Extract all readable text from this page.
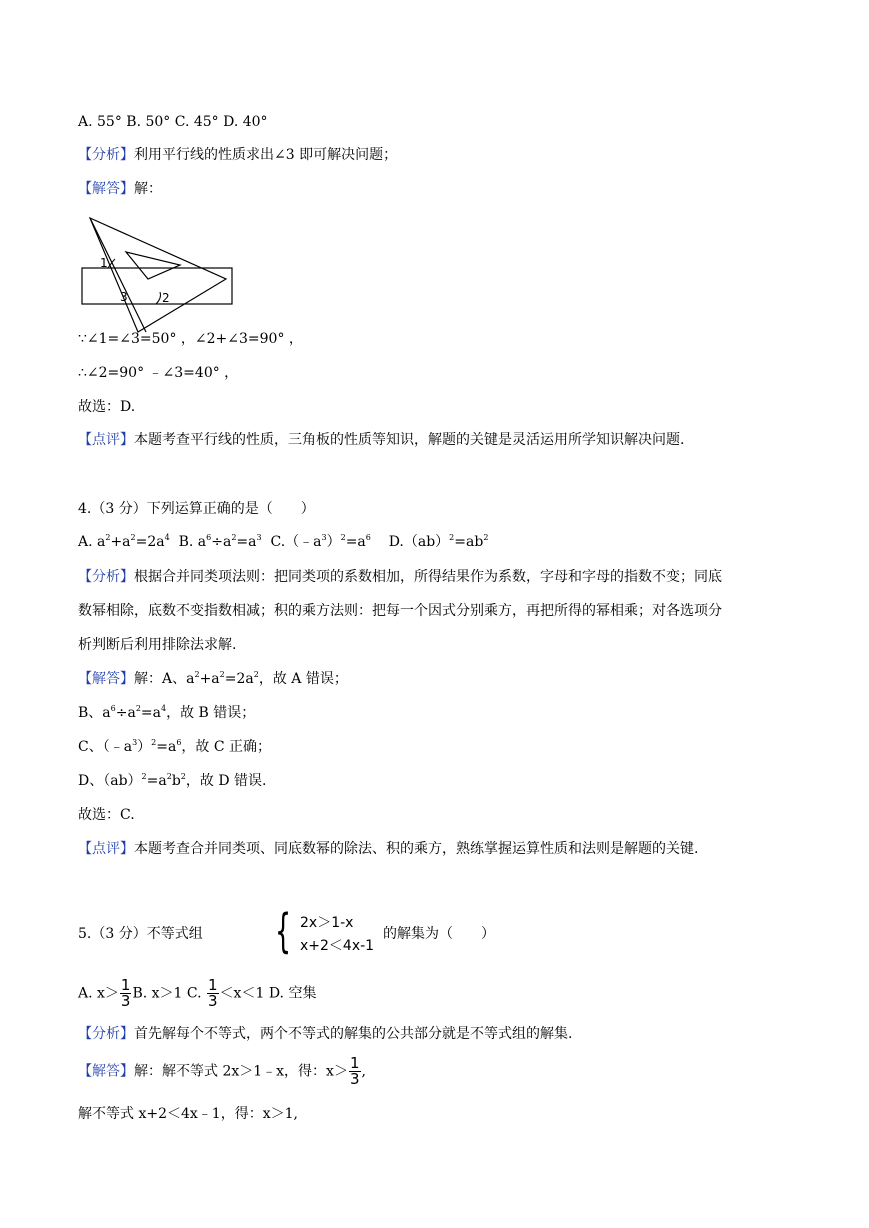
A. 55° B. 50° C. 45° D. 40°
【分析】利用平行线的性质求出∠3 即可解决问题；
【解答】解：
1
3	2
∵∠1=∠3=50° ，∠2+∠3=90° ，
∴∠2=90° ﹣∠3=40° ，
故选：D.
【点评】本题考查平行线的性质，三角板的性质等知识，解题的关键是灵活运用所学知识解决问题.
4.（3 分）下列运算正确的是（　　）
A. $a^2+a^2=2a^4$ B. $a^6\div a^2=a^3$ $C.(﹣a^3)^2=a^6$ $D.(ab)^2=ab^2$
【分析】根据合并同类项法则：把同类项的系数相加，所得结果作为系数，字母和字母的指数不变；同底
数幂相除，底数不变指数相减；积的乘方法则：把每一个因式分别乘方，再把所得的幂相乘；对各选项分
析判断后利用排除法求解.
【解答】解：A、$a^2+a^2=2a^2$，故 A 错误；
B、$a^6\div a^2=a^4$，故 B 错误；
C、$(﹣a^3)^2=a^6$，故 C 正确；
D、$(ab)^2=a^2b^2$，故 D 错误.
故选：C.
【点评】本题考查合并同类项、同底数幂的除法、积的乘方，熟练掌握运算性质和法则是解题的关键.
5.（3 分）不等式组 { 2x＞1-x
x+2＜4x-1
的解集为（　　）
A. $x> \frac{1}{3} B$. x＞1 C. $\frac{1}{3} <x<1$ D. 空集
【分析】首先解每个不等式，两个不等式的解集的公共部分就是不等式组的解集.
【解答】解：解不等式 2x＞1﹣x，得：$x> \frac{1}{3}$ ,
解不等式 x+2＜4x﹣1，得：x＞1,
